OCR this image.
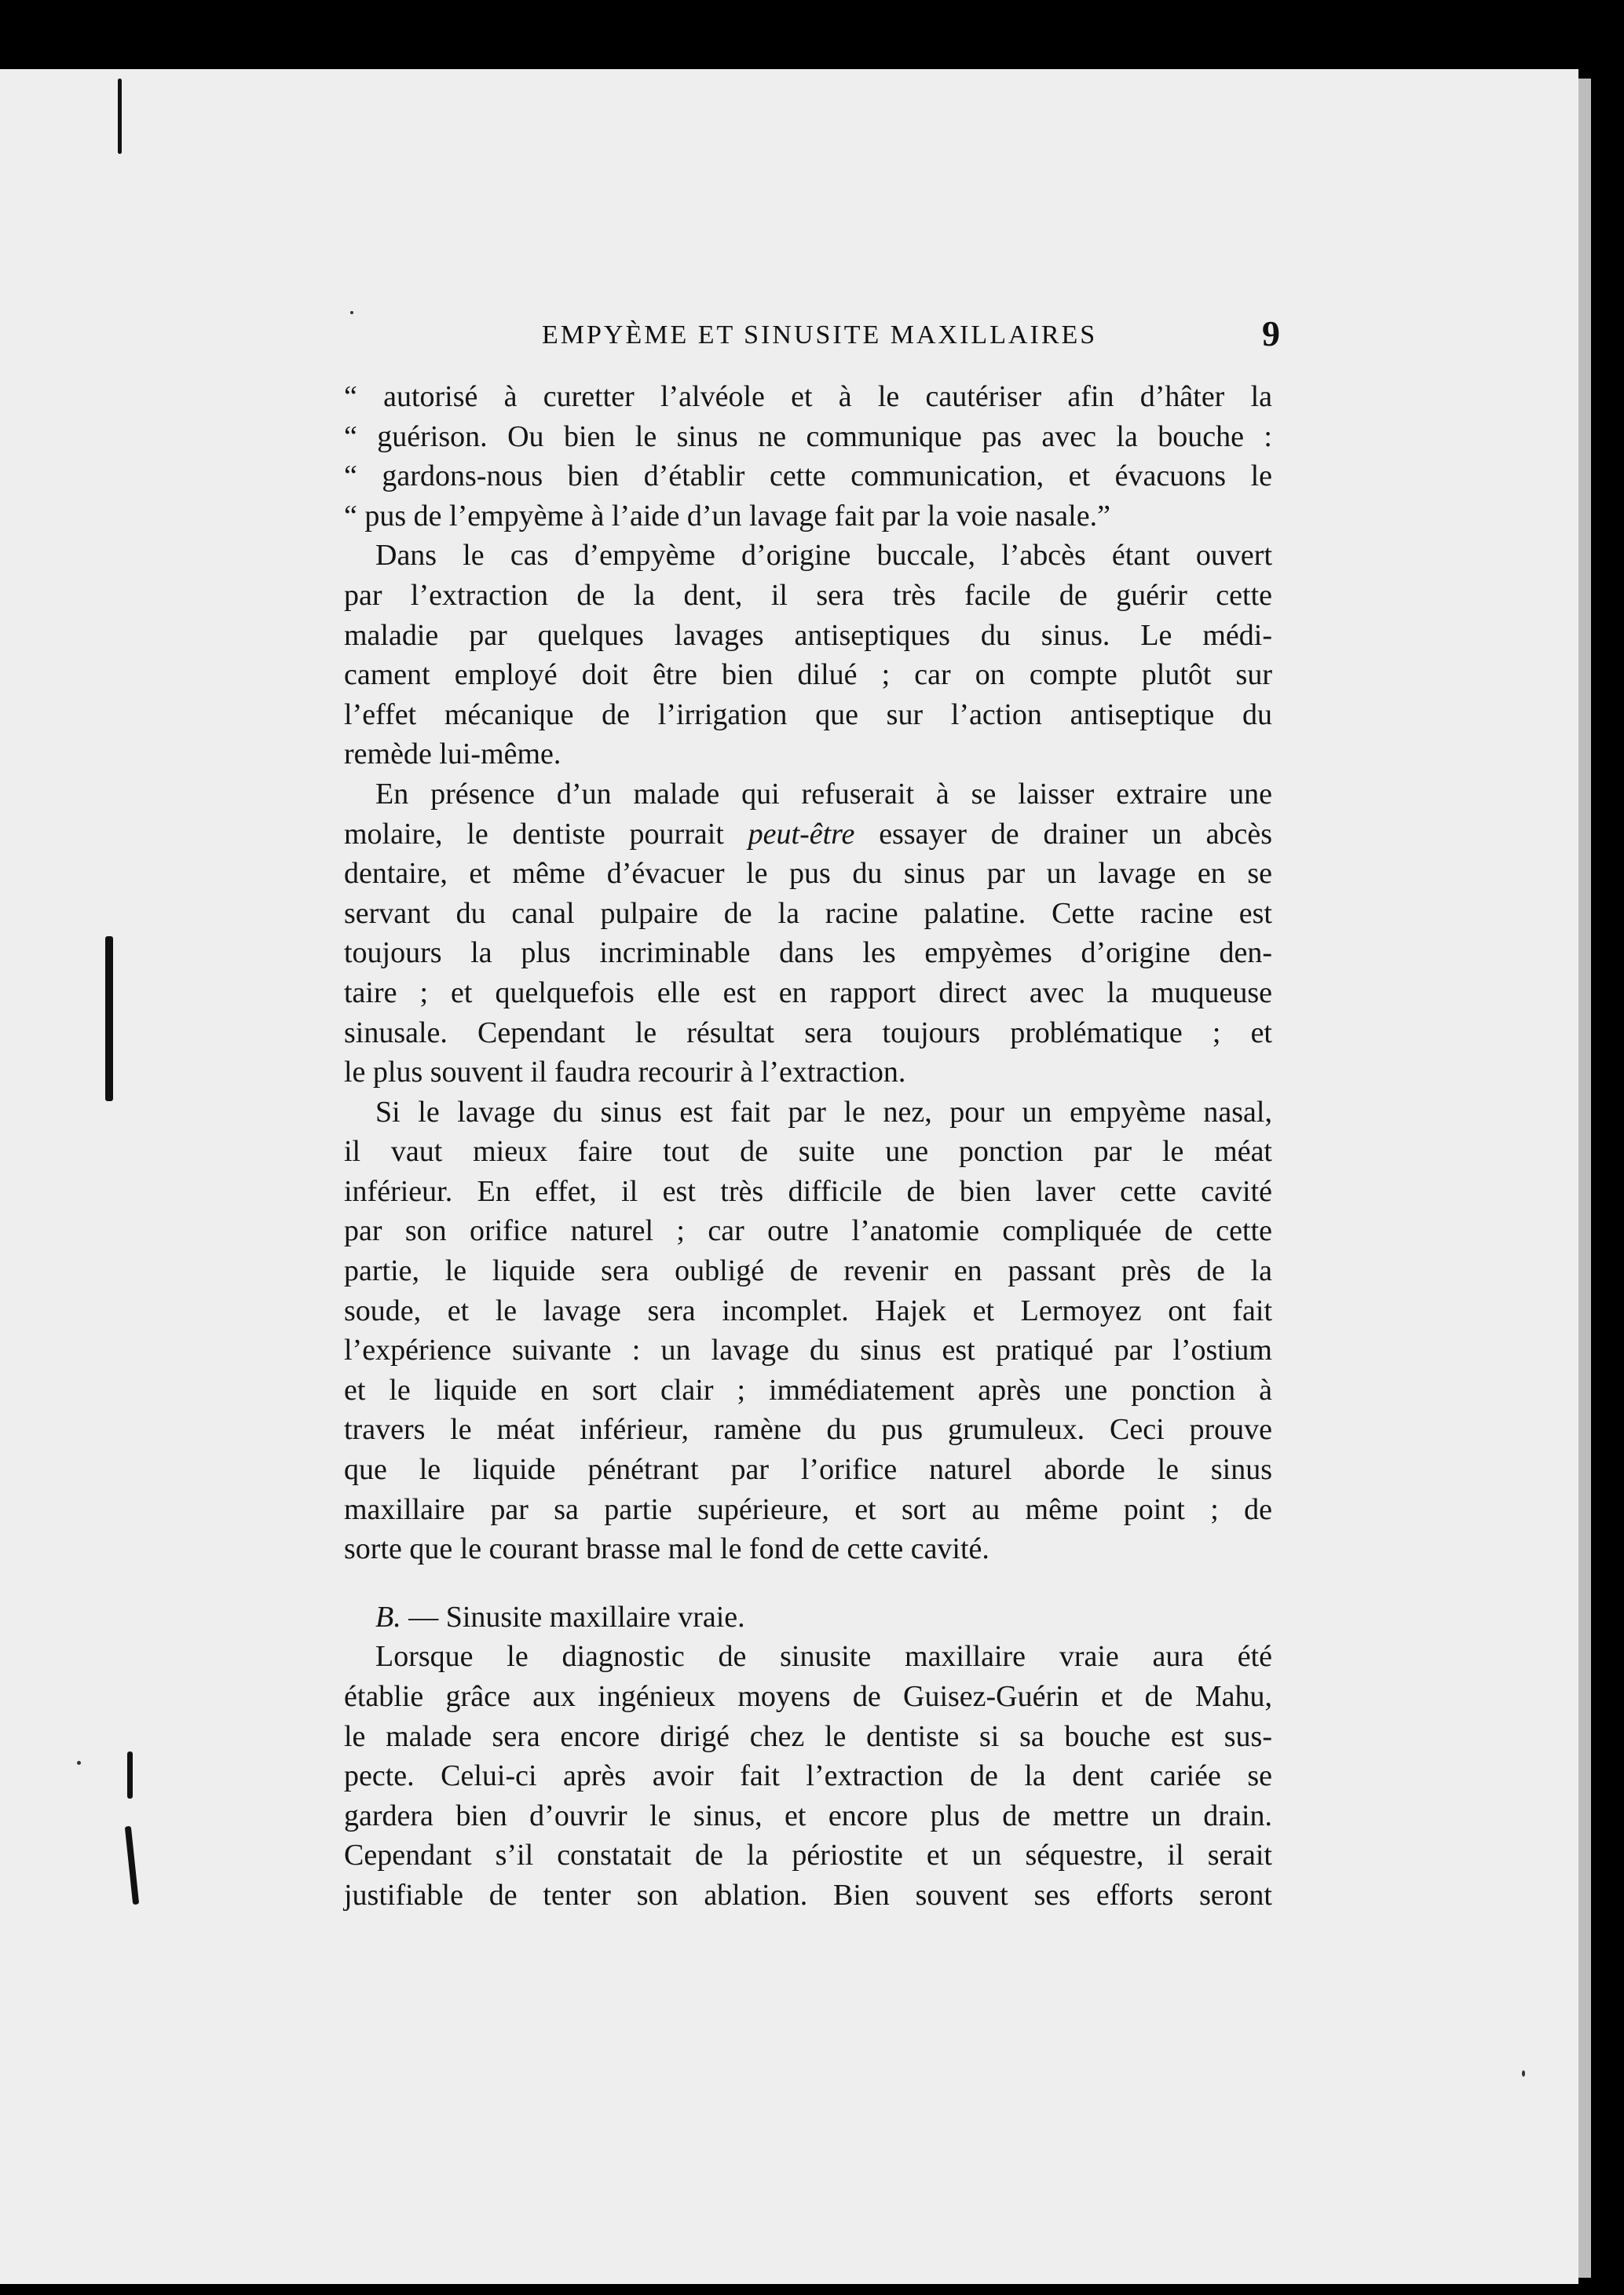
EMPYÈME ET SINUSITE MAXILLAIRES	9
“ autorisé à curetter l’alvéole et à le cautériser afin d’hâter la
“ guérison. Ou bien le sinus ne communique pas avec la bouche :
“ gardons-nous bien d’établir cette communication, et évacuons le
“ pus de l’empyème à l’aide d’un lavage fait par la voie nasale.”
Dans le cas d’empyème d’origine buccale, l’abcès étant ouvert
par l’extraction de la dent, il sera très facile de guérir cette
maladie par quelques lavages antiseptiques du sinus. Le médi-
cament employé doit être bien dilué ; car on compte plutôt sur
l’effet mécanique de l’irrigation que sur l’action antiseptique du
remède lui-même.
En présence d’un malade qui refuserait à se laisser extraire une
molaire, le dentiste pourrait peut-être essayer de drainer un abcès
dentaire, et même d’évacuer le pus du sinus par un lavage en se
servant du canal pulpaire de la racine palatine. Cette racine est
toujours la plus incriminable dans les empyèmes d’origine den-
taire ; et quelquefois elle est en rapport direct avec la muqueuse
sinusale. Cependant le résultat sera toujours problématique ; et
le plus souvent il faudra recourir à l’extraction.
Si le lavage du sinus est fait par le nez, pour un empyème nasal,
il vaut mieux faire tout de suite une ponction par le méat
inférieur. En effet, il est très difficile de bien laver cette cavité
par son orifice naturel ; car outre l’anatomie compliquée de cette
partie, le liquide sera oubligé de revenir en passant près de la
soude, et le lavage sera incomplet. Hajek et Lermoyez ont fait
l’expérience suivante : un lavage du sinus est pratiqué par l’ostium
et le liquide en sort clair ; immédiatement après une ponction à
travers le méat inférieur, ramène du pus grumuleux. Ceci prouve
que le liquide pénétrant par l’orifice naturel aborde le sinus
maxillaire par sa partie supérieure, et sort au même point ; de
sorte que le courant brasse mal le fond de cette cavité.
B. — Sinusite maxillaire vraie.
Lorsque le diagnostic de sinusite maxillaire vraie aura été
établie grâce aux ingénieux moyens de Guisez-Guérin et de Mahu,
le malade sera encore dirigé chez le dentiste si sa bouche est sus-
pecte. Celui-ci après avoir fait l’extraction de la dent cariée se
gardera bien d’ouvrir le sinus, et encore plus de mettre un drain.
Cependant s’il constatait de la périostite et un séquestre, il serait
justifiable de tenter son ablation. Bien souvent ses efforts seront
